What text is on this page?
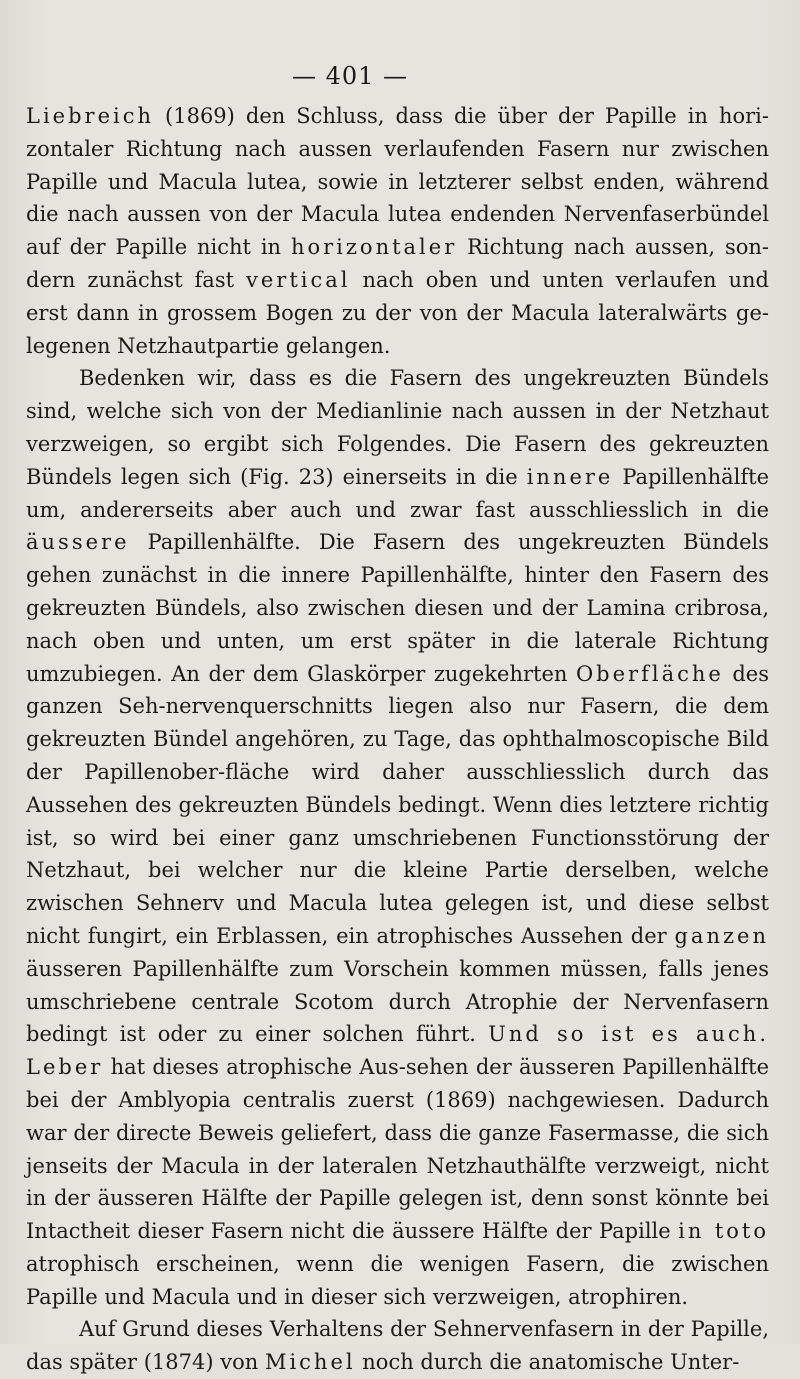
— 401 —

Liebreich (1869) den Schluss, dass die über der Papille in hori-zontaler Richtung nach aussen verlaufenden Fasern nur zwischen Papille und Macula lutea, sowie in letzterer selbst enden, während die nach aussen von der Macula lutea endenden Nervenfaserbündel auf der Papille nicht in horizontaler Richtung nach aussen, son-dern zunächst fast vertical nach oben und unten verlaufen und erst dann in grossem Bogen zu der von der Macula lateralwärts ge-legenen Netzhautpartie gelangen.

Bedenken wir, dass es die Fasern des ungekreuzten Bündels sind, welche sich von der Medianlinie nach aussen in der Netzhaut verzweigen, so ergibt sich Folgendes. Die Fasern des gekreuzten Bündels legen sich (Fig. 23) einerseits in die innere Papillenhälfte um, andererseits aber auch und zwar fast ausschliesslich in die äussere Papillenhälfte. Die Fasern des ungekreuzten Bündels gehen zunächst in die innere Papillenhälfte, hinter den Fasern des gekreuzten Bündels, also zwischen diesen und der Lamina cribrosa, nach oben und unten, um erst später in die laterale Richtung umzubiegen. An der dem Glaskörper zugekehrten Oberfläche des ganzen Seh-nervenquerschnitts liegen also nur Fasern, die dem gekreuzten Bündel angehören, zu Tage, das ophthalmoscopische Bild der Papillenober-fläche wird daher ausschliesslich durch das Aussehen des gekreuzten Bündels bedingt. Wenn dies letztere richtig ist, so wird bei einer ganz umschriebenen Functionsstörung der Netzhaut, bei welcher nur die kleine Partie derselben, welche zwischen Sehnerv und Macula lutea gelegen ist, und diese selbst nicht fungirt, ein Erblassen, ein atrophisches Aussehen der ganzen äusseren Papillenhälfte zum Vorschein kommen müssen, falls jenes umschriebene centrale Scotom durch Atrophie der Nervenfasern bedingt ist oder zu einer solchen führt. Und so ist es auch. Leber hat dieses atrophische Aus-sehen der äusseren Papillenhälfte bei der Amblyopia centralis zuerst (1869) nachgewiesen. Dadurch war der directe Beweis geliefert, dass die ganze Fasermasse, die sich jenseits der Macula in der lateralen Netzhauthälfte verzweigt, nicht in der äusseren Hälfte der Papille gelegen ist, denn sonst könnte bei Intactheit dieser Fasern nicht die äussere Hälfte der Papille in toto atrophisch erscheinen, wenn die wenigen Fasern, die zwischen Papille und Macula und in dieser sich verzweigen, atrophiren.

Auf Grund dieses Verhaltens der Sehnervenfasern in der Papille, das später (1874) von Michel noch durch die anatomische Unter-
